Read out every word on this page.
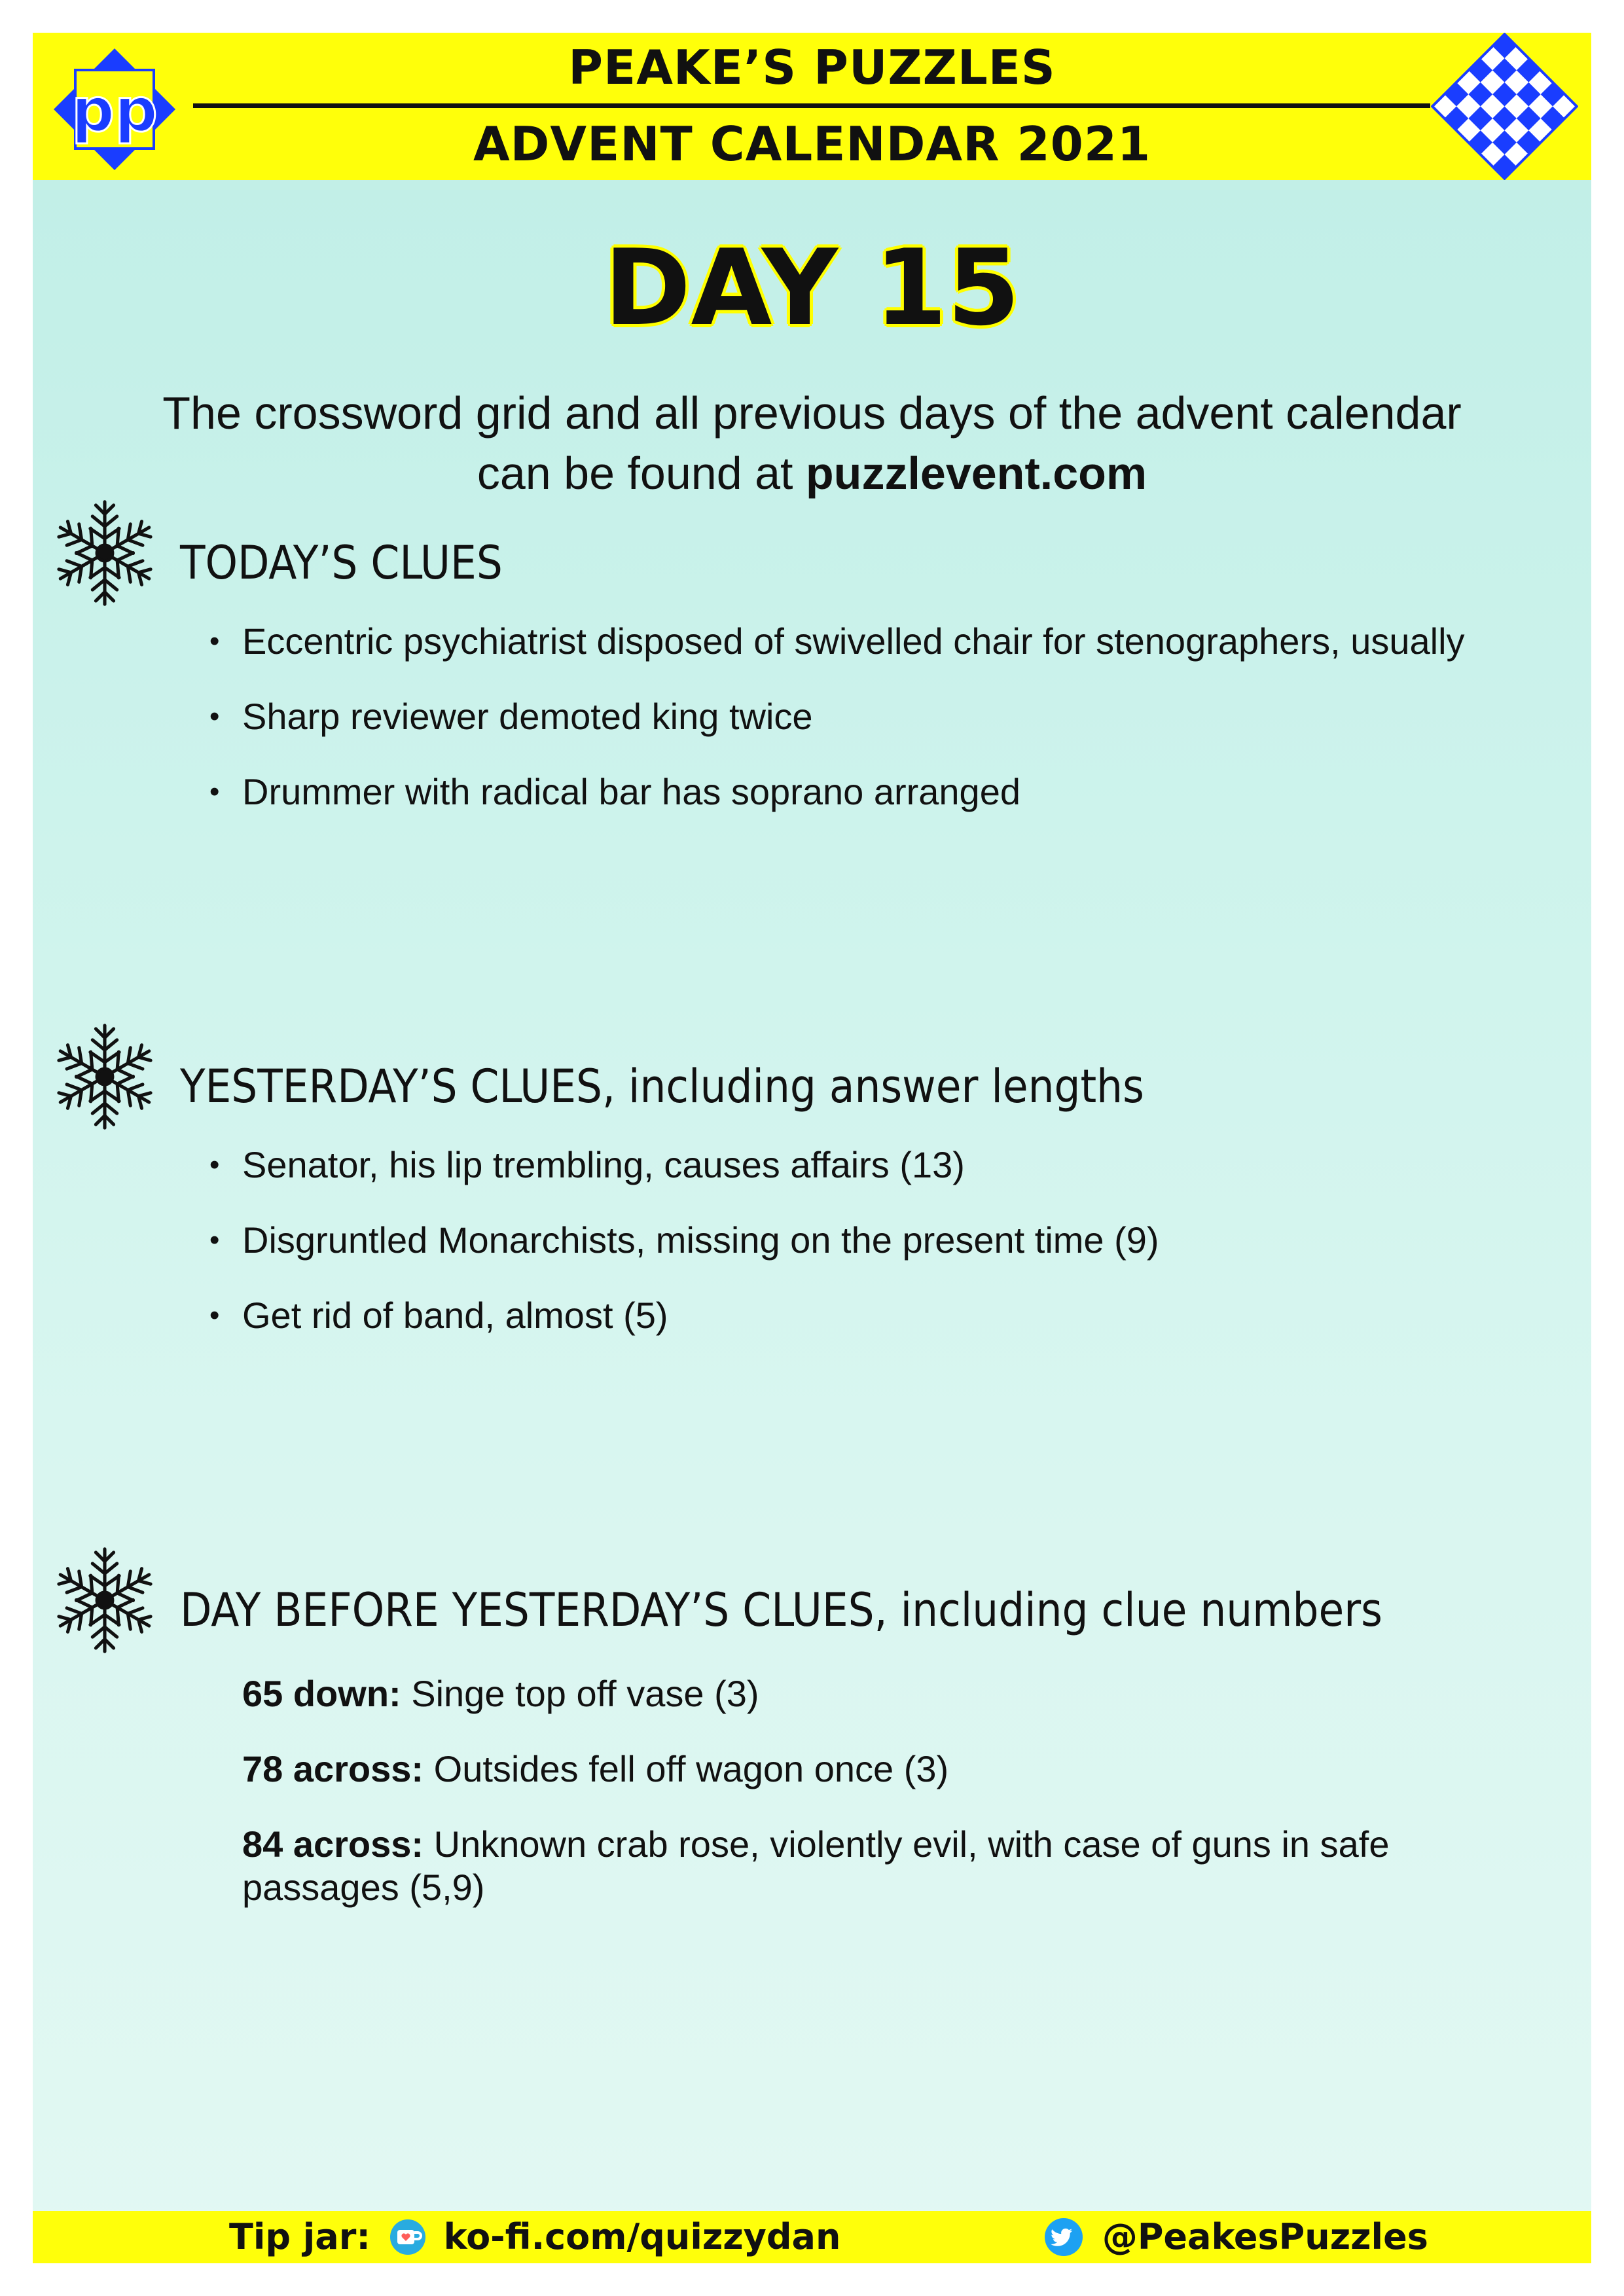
pp
PEAKE’S PUZZLES
ADVENT CALENDAR 2021
DAY 15
The crossword grid and all previous days of the advent calendar
can be found at puzzlevent.com
TODAY’S CLUES
• Eccentric psychiatrist disposed of swivelled chair for stenographers, usually
• Sharp reviewer demoted king twice
• Drummer with radical bar has soprano arranged
YESTERDAY’S CLUES, including answer lengths
• Senator, his lip trembling, causes affairs (13)
• Disgruntled Monarchists, missing on the present time (9)
• Get rid of band, almost (5)
DAY BEFORE YESTERDAY’S CLUES, including clue numbers

65 down: Singe top off vase (3)

78 across: Outsides fell off wagon once (3)

84 across: Unknown crab rose, violently evil, with case of guns in safe passages (5,9)

Tip jar: ko-fi.com/quizzydan	@PeakesPuzzles
